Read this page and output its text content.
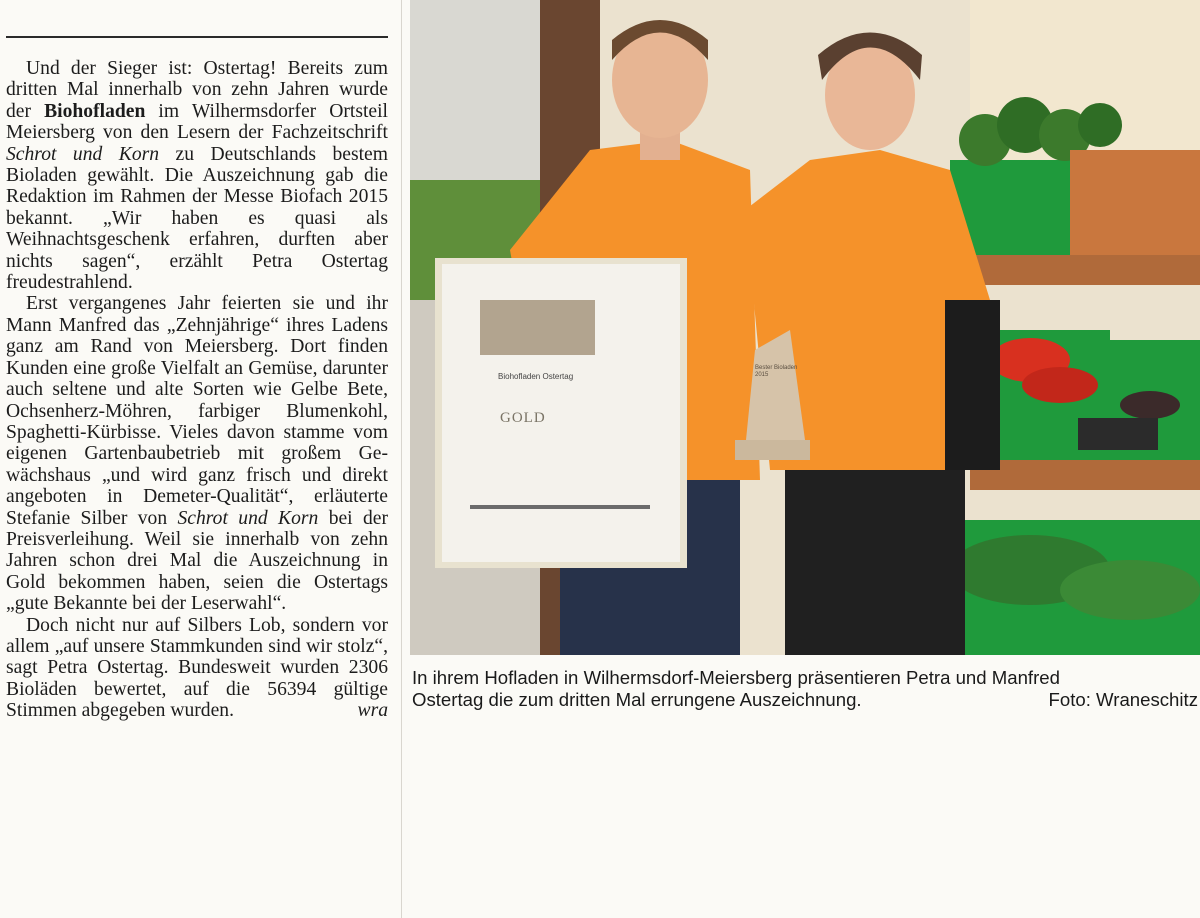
Und der Sieger ist: Ostertag! Bereits zum dritten Mal innerhalb von zehn Jahren wurde der Biohofladen im Wilhermsdorfer Ortsteil Meiersberg von den Lesern der Fachzeitschrift Schrot und Korn zu Deutschlands bestem Bioladen gewählt. Die Auszeichnung gab die Redaktion im Rahmen der Messe Biofach 2015 bekannt. „Wir haben es quasi als Weihnachtsgeschenk erfahren, durften aber nichts sagen“, erzählt Petra Ostertag freudestrahlend.

Erst vergangenes Jahr feierten sie und ihr Mann Manfred das „Zehnjährige“ ihres Ladens ganz am Rand von Meiersberg. Dort finden Kunden eine große Vielfalt an Gemüse, darunter auch seltene und alte Sorten wie Gelbe Bete, Ochsenherz-Möhren, farbiger Blumenkohl, Spaghetti-Kürbisse. Vieles davon stamme vom eigenen Gartenbaubetrieb mit großem Gewächshaus „und wird ganz frisch und direkt angeboten in Demeter-Qualität“, erläuterte Stefanie Silber von Schrot und Korn bei der Preisverleihung. Weil sie innerhalb von zehn Jahren schon drei Mal die Auszeichnung in Gold bekommen haben, seien die Ostertags „gute Bekannte bei der Leserwahl“.

Doch nicht nur auf Silbers Lob, sondern vor allem „auf unsere Stammkunden sind wir stolz“, sagt Petra Ostertag. Bundesweit wurden 2306 Bioläden bewertet, auf die 56394 gültige Stimmen abgegeben wurden.	wra

Biohofladen Ostertag
GOLD
Bester Bioladen 2015
In ihrem Hofladen in Wilhermsdorf-Meiersberg präsentieren Petra und Manfred
Ostertag die zum dritten Mal errungene Auszeichnung.	Foto: Wraneschitz
